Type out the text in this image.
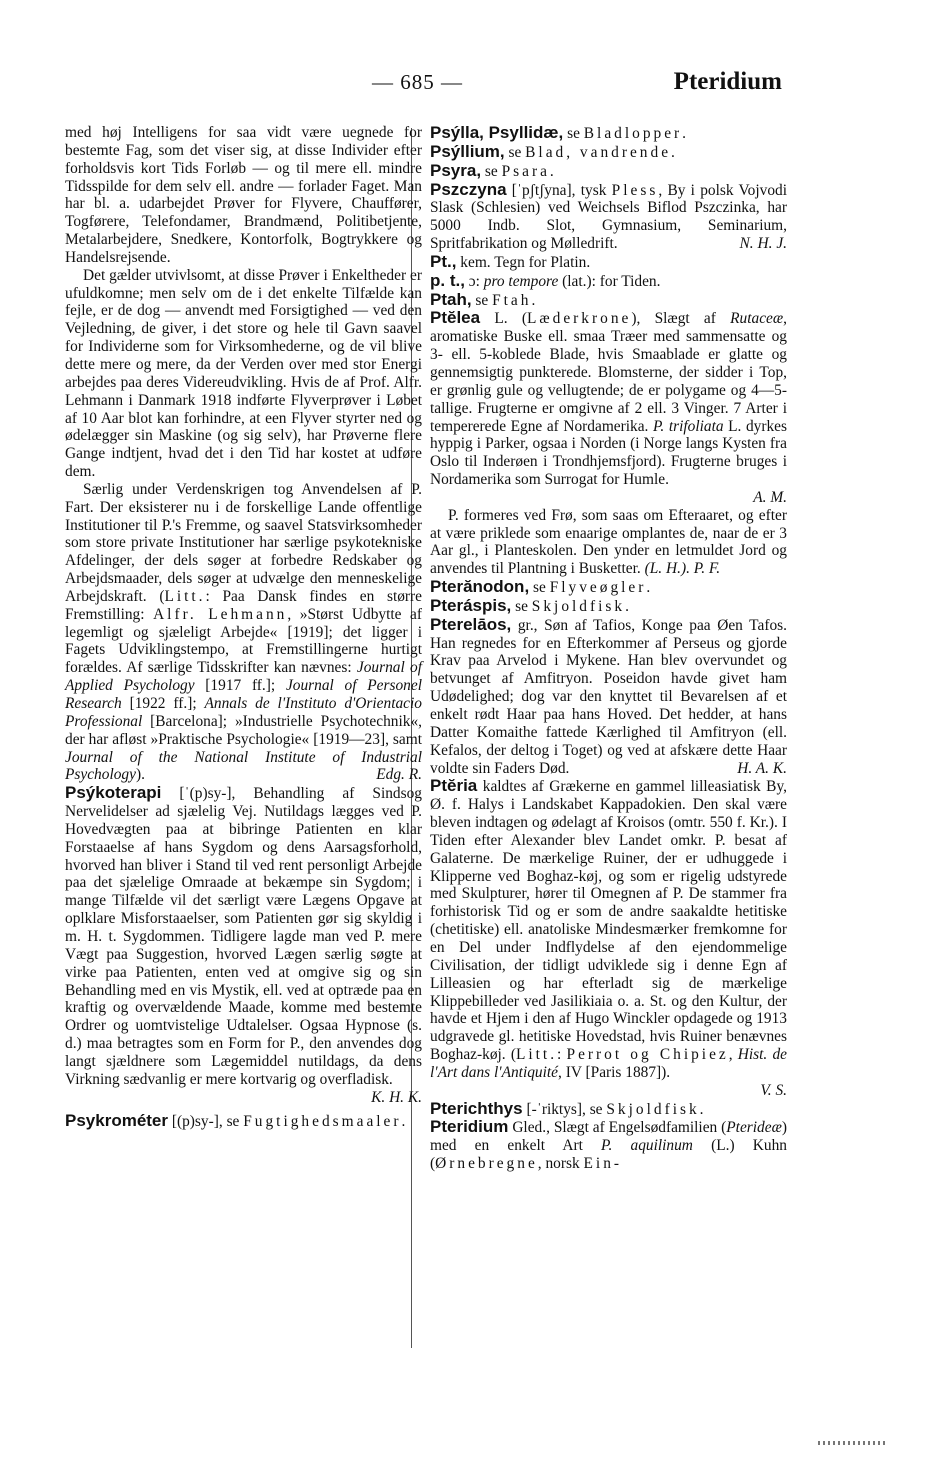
— 685 —	Pteridium

med høj Intelligens for saa vidt være uegnede for bestemte Fag, som det viser sig, at disse Individer efter forholdsvis kort Tids Forløb — og til mere ell. mindre Tidsspilde for dem selv ell. andre — forlader Faget. Man har bl. a. udarbejdet Prøver for Flyvere, Chauffører, Togførere, Telefondamer, Brandmænd, Politibetjente, Metalarbejdere, Snedkere, Kontorfolk, Bogtrykkere og Handelsrejsende.

Det gælder utvivlsomt, at disse Prøver i Enkeltheder er ufuldkomne; men selv om de i det enkelte Tilfælde kan fejle, er de dog — anvendt med Forsigtighed — ved den Vejledning, de giver, i det store og hele til Gavn saavel for Individerne som for Virksomhederne, og de vil blive dette mere og mere, da der Verden over med stor Energi arbejdes paa deres Videreudvikling. Hvis de af Prof. Alfr. Lehmann i Danmark 1918 indførte Flyverprøver i Løbet af 10 Aar blot kan forhindre, at een Flyver styrter ned og ødelægger sin Maskine (og sig selv), har Prøverne flere Gange indtjent, hvad det i den Tid har kostet at udføre dem.

Særlig under Verdenskrigen tog Anvendelsen af P. Fart. Der eksisterer nu i de forskellige Lande offentlige Institutioner til P.'s Fremme, og saavel Statsvirksomheder som store private Institutioner har særlige psykotekniske Afdelinger, der dels søger at forbedre Redskaber og Arbejdsmaader, dels søger at udvælge den menneskelige Arbejdskraft. (Litt.: Paa Dansk findes en større Fremstilling: Alfr. Lehmann, »Størst Udbytte af legemligt og sjæleligt Arbejde« [1919]; det ligger i Fagets Udviklingstempo, at Fremstillingerne hurtigt forældes. Af særlige Tidsskrifter kan nævnes: Journal of Applied Psychology [1917 ff.]; Journal of Personel Research [1922 ff.]; Annals de l'Instituto d'Orientacio Professional [Barcelona]; »Industrielle Psychotechnik«, der har afløst »Praktische Psychologie« [1919—23], samt Journal of the National Institute of Industrial Psychology).	Edg. R.

Psýkoterapi [ˈ(p)sy-], Behandling af Sindsog Nervelidelser ad sjælelig Vej. Nutildags lægges ved P. Hovedvægten paa at bibringe Patienten en klar Forstaaelse af hans Sygdom og dens Aarsagsforhold, hvorved han bliver i Stand til ved rent personligt Arbejde paa det sjælelige Omraade at bekæmpe sin Sygdom; i mange Tilfælde vil det særligt være Lægens Opgave at oplklare Misforstaaelser, som Patienten gør sig skyldig i m. H. t. Sygdommen. Tidligere lagde man ved P. mere Vægt paa Suggestion, hvorved Lægen særlig søgte at virke paa Patienten, enten ved at omgive sig og sin Behandling med en vis Mystik, ell. ved at optræde paa en kraftig og overvældende Maade, komme med bestemte Ordrer og uomtvistelige Udtalelser. Ogsaa Hypnose (s. d.) maa betragtes som en Form for P., den anvendes dog langt sjældnere som Lægemiddel nutildags, da dens Virkning sædvanlig er mere kortvarig og overfladisk.

K. H. K.

Psykrométer [(p)sy-], se Fugtighedsmaaler.

Psýlla, Psyllidæ, se Bladlopper.

Psýllium, se Blad, vandrende.

Psyra, se Psara.

Pszczyna [ˈpʃtʃyna], tysk Pless, By i polsk Vojvodi Slask (Schlesien) ved Weichsels Biflod Pszczinka, har 5000 Indb. Slot, Gymnasium, Seminarium, Spritfabrikation og Mølledrift.	N. H. J.

Pt., kem. Tegn for Platin.

p. t., ɔ: pro tempore (lat.): for Tiden.

Ptah, se Ftah.

Ptĕlea L. (Læderkrone), Slægt af Rutaceæ, aromatiske Buske ell. smaa Træer med sammensatte og 3- ell. 5-koblede Blade, hvis Smaablade er glatte og gennemsigtig punkterede. Blomsterne, der sidder i Top, er grønlig gule og vellugtende; de er polygame og 4—5-tallige. Frugterne er omgivne af 2 ell. 3 Vinger. 7 Arter i tempererede Egne af Nordamerika. P. trifoliata L. dyrkes hyppig i Parker, ogsaa i Norden (i Norge langs Kysten fra Oslo til Inderøen i Trondhjemsfjord). Frugterne bruges i Nordamerika som Surrogat for Humle.

A. M.

P. formeres ved Frø, som saas om Efteraaret, og efter at være priklede som enaarige omplantes de, naar de er 3 Aar gl., i Planteskolen. Den ynder en letmuldet Jord og anvendes til Plantning i Busketter. (L. H.). P. F.

Pterănodon, se Flyveøgler.

Pteráspis, se Skjoldfisk.

Pterelāos, gr., Søn af Tafios, Konge paa Øen Tafos. Han regnedes for en Efterkommer af Perseus og gjorde Krav paa Arvelod i Mykene. Han blev overvundet og betvunget af Amfitryon. Poseidon havde givet ham Udødelighed; dog var den knyttet til Bevarelsen af et enkelt rødt Haar paa hans Hoved. Det hedder, at hans Datter Komaithe fattede Kærlighed til Amfitryon (ell. Kefalos, der deltog i Toget) og ved at afskære dette Haar voldte sin Faders Død.	H. A. K.

Ptĕria kaldtes af Grækerne en gammel lilleasiatisk By, Ø. f. Halys i Landskabet Kappadokien. Den skal være bleven indtagen og ødelagt af Kroisos (omtr. 550 f. Kr.). I Tiden efter Alexander blev Landet omkr. P. besat af Galaterne. De mærkelige Ruiner, der er udhuggede i Klipperne ved Boghaz-køj, og som er rigelig udstyrede med Skulpturer, hører til Omegnen af P. De stammer fra forhistorisk Tid og er som de andre saakaldte hetitiske (chetitiske) ell. anatoliske Mindesmærker fremkomne for en Del under Indflydelse af den ejendommelige Civilisation, der tidligt udviklede sig i denne Egn af Lilleasien og har efterladt sig de mærkelige Klippebilleder ved Jasilikiaia o. a. St. og den Kultur, der havde et Hjem i den af Hugo Winckler opdagede og 1913 udgravede gl. hetitiske Hovedstad, hvis Ruiner benævnes Boghaz-køj. (Litt.: Perrot og Chipiez, Hist. de l'Art dans l'Antiquité, IV [Paris 1887]).

V. S.

Pterichthys [-ˈriktys], se Skjoldfisk.

Pteridium Gled., Slægt af Engelsødfamilien (Pterideæ) med en enkelt Art P. aquilinum (L.) Kuhn (Ørnebregne, norsk Ein-
